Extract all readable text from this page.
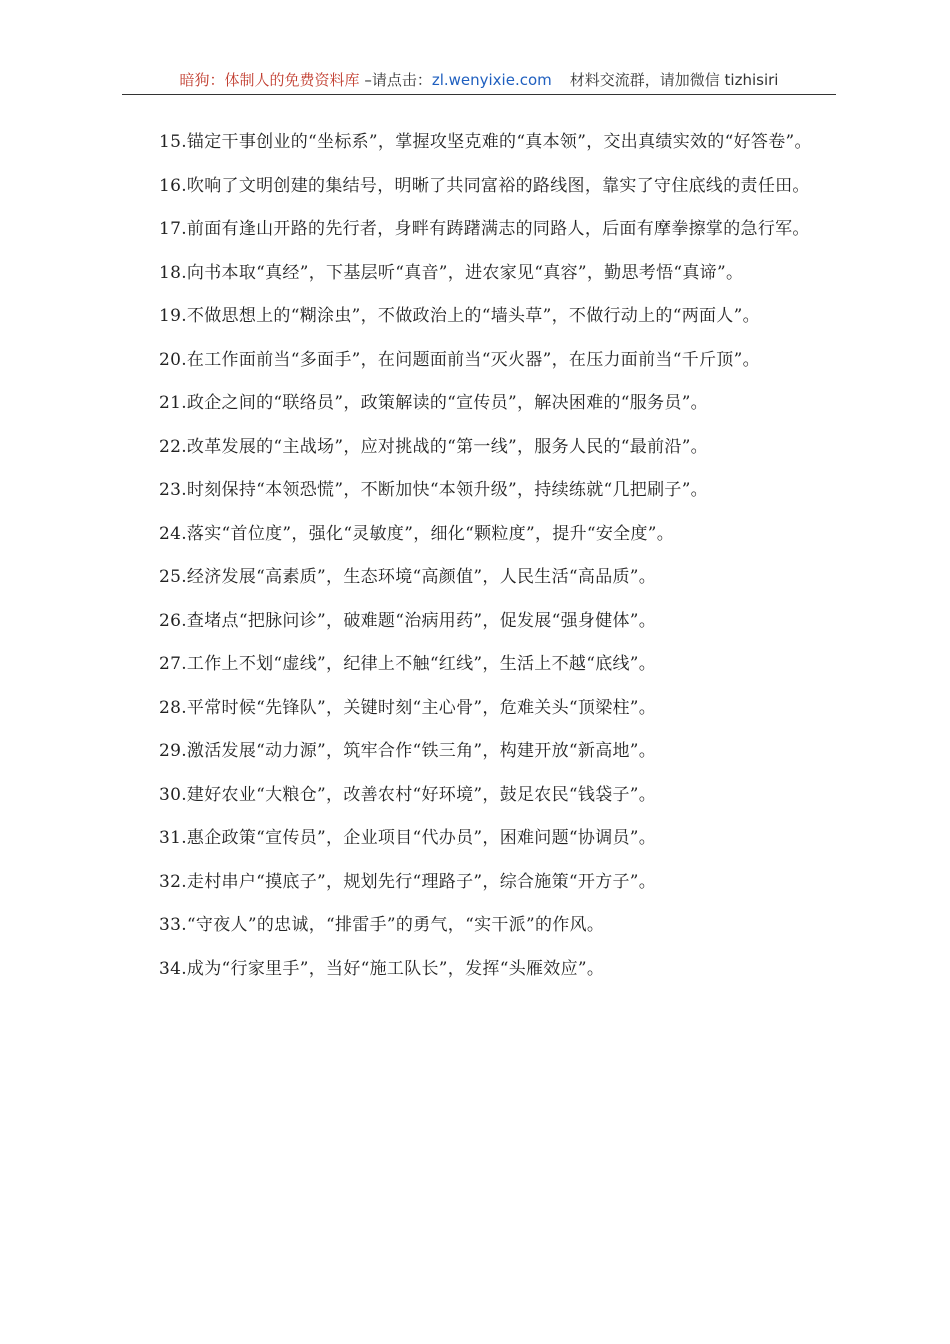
暗狗：体制人的免费资料库 –请点击：zl.wenyixie.com 材料交流群，请加微信 tizhisiri

15.锚定干事创业的“坐标系”，掌握攻坚克难的“真本领”，交出真绩实效的“好答卷”。

16.吹响了文明创建的集结号，明晰了共同富裕的路线图，靠实了守住底线的责任田。

17.前面有逢山开路的先行者，身畔有踌躇满志的同路人，后面有摩拳擦掌的急行军。

18.向书本取“真经”，下基层听“真音”，进农家见“真容”，勤思考悟“真谛”。

19.不做思想上的“糊涂虫”，不做政治上的“墙头草”，不做行动上的“两面人”。

20.在工作面前当“多面手”，在问题面前当“灭火器”，在压力面前当“千斤顶”。

21.政企之间的“联络员”，政策解读的“宣传员”，解决困难的“服务员”。

22.改革发展的“主战场”，应对挑战的“第一线”，服务人民的“最前沿”。

23.时刻保持“本领恐慌”，不断加快“本领升级”，持续练就“几把刷子”。

24.落实“首位度”，强化“灵敏度”，细化“颗粒度”，提升“安全度”。

25.经济发展“高素质”，生态环境“高颜值”，人民生活“高品质”。

26.查堵点“把脉问诊”，破难题“治病用药”，促发展“强身健体”。

27.工作上不划“虚线”，纪律上不触“红线”，生活上不越“底线”。

28.平常时候“先锋队”，关键时刻“主心骨”，危难关头“顶梁柱”。

29.激活发展“动力源”，筑牢合作“铁三角”，构建开放“新高地”。

30.建好农业“大粮仓”，改善农村“好环境”，鼓足农民“钱袋子”。

31.惠企政策“宣传员”，企业项目“代办员”，困难问题“协调员”。

32.走村串户“摸底子”，规划先行“理路子”，综合施策“开方子”。

33.“守夜人”的忠诚，“排雷手”的勇气，“实干派”的作风。

34.成为“行家里手”，当好“施工队长”，发挥“头雁效应”。
